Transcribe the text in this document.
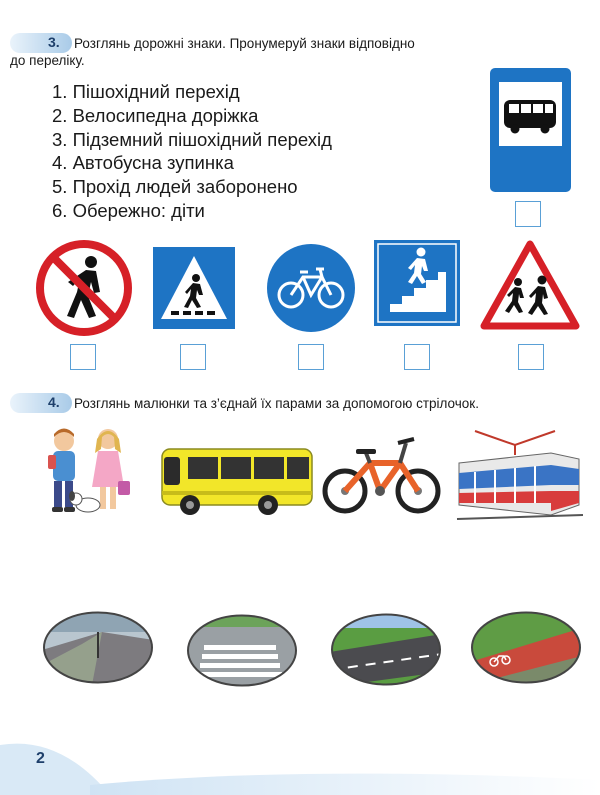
3. Розглянь дорожні знаки. Пронумеруй знаки відповідно
до переліку.
1. Пішохідний перехід
2. Велосипедна доріжка
3. Підземний пішохідний перехід
4. Автобусна зупинка
5. Прохід людей заборонено
6. Обережно: діти
4. Розглянь малюнки та з’єднай їх парами за допомогою стрілочок.
2
